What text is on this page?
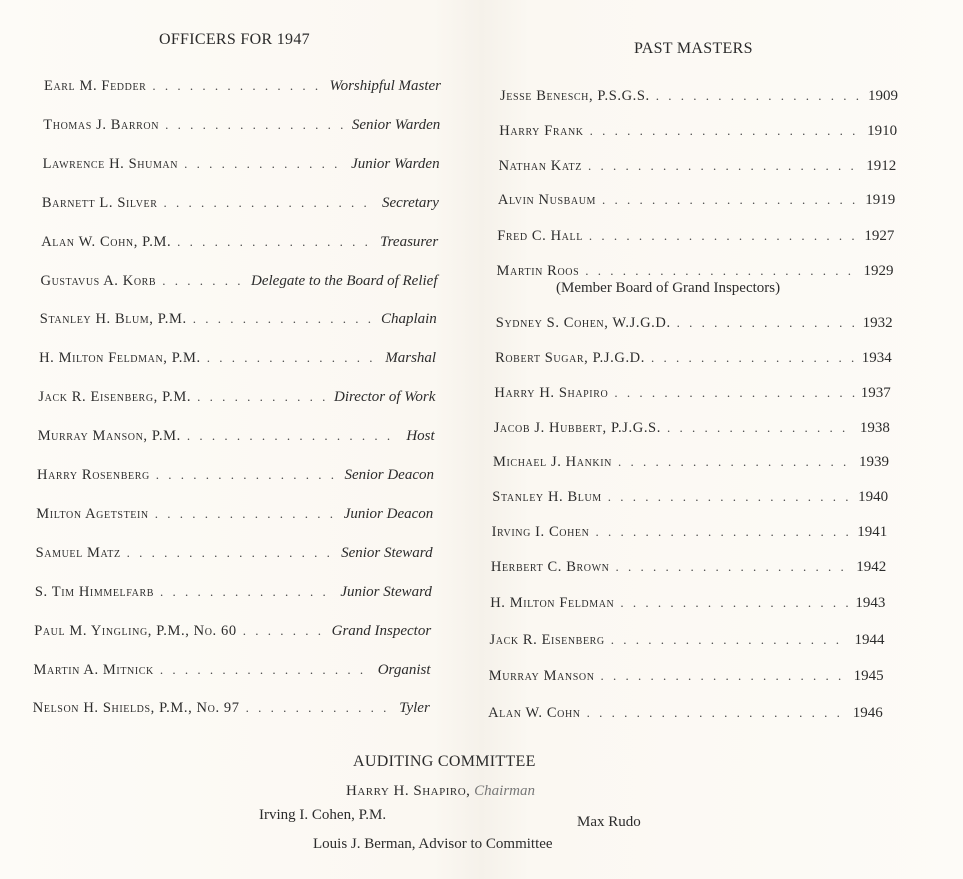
OFFICERS FOR 1947
Earl M. Fedder . . .	Worshipful Master
Thomas J. Barron . . .	Senior Warden
Lawrence H. Shuman . . .	Junior Warden
Barnett L. Silver . . .	Secretary
Alan W. Cohn, P.M. . . .	Treasurer
Gustavus A. Korb . . .	Delegate to the Board of Relief
Stanley H. Blum, P.M. . . .	Chaplain
H. Milton Feldman, P.M. . . .	Marshal
Jack R. Eisenberg, P.M. . . .	Director of Work
Murray Manson, P.M. . . .	Host
Harry Rosenberg . . .	Senior Deacon
Milton Agetstein . . .	Junior Deacon
Samuel Matz . . .	Senior Steward
S. Tim Himmelfarb . . .	Junior Steward
Paul M. Yingling, P.M., No. 60 . . .	Grand Inspector
Martin A. Mitnick . . .	Organist
Nelson H. Shields, P.M., No. 97 . . .	Tyler
PAST MASTERS
Jesse Benesch, P.S.G.S. . . .	1909
Harry Frank . . .	1910
Nathan Katz . . .	1912
Alvin Nusbaum . . .	1919
Fred C. Hall . . .	1927
Martin Roos . . .	1929
Sydney S. Cohen, W.J.G.D. . . .	1932
Robert Sugar, P.J.G.D. . . .	1934
Harry H. Shapiro . . .	1937
Jacob J. Hubbert, P.J.G.S. . . .	1938
Michael J. Hankin . . .	1939
Stanley H. Blum . . .	1940
Irving I. Cohen . . .	1941
Herbert C. Brown . . .	1942
H. Milton Feldman . . .	1943
Jack R. Eisenberg . . .	1944
Murray Manson . . .	1945
Alan W. Cohn . . .	1946
(Member Board of Grand Inspectors)
AUDITING COMMITTEE
Harry H. Shapiro, Chairman
Irving I. Cohen, P.M.	Max Rudo
Louis J. Berman, Advisor to Committee
